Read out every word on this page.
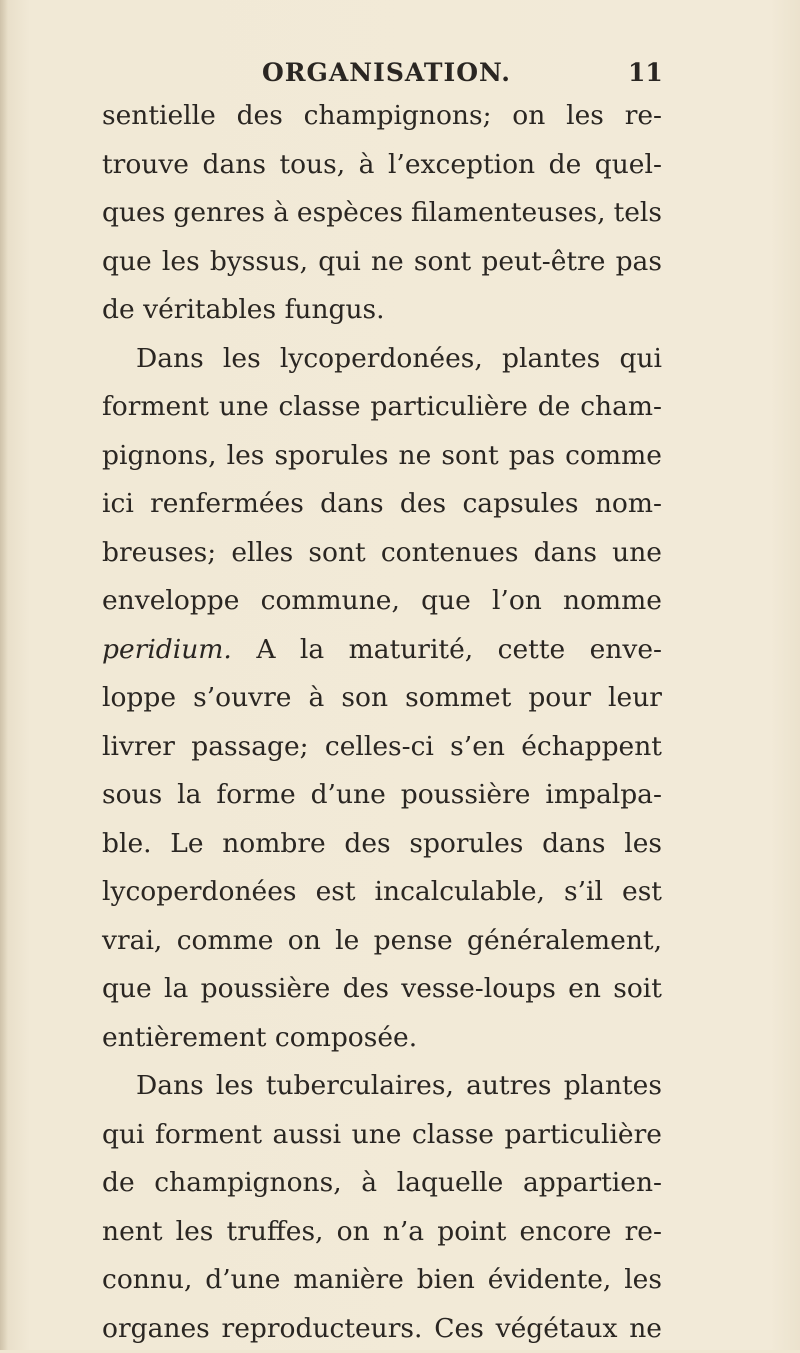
ORGANISATION.	11
sentielle des champignons; on les re-
trouve dans tous, à l’exception de quel-
ques genres à espèces filamenteuses, tels
que les byssus, qui ne sont peut-être pas
de véritables fungus.
Dans les lycoperdonées, plantes qui
forment une classe particulière de cham-
pignons, les sporules ne sont pas comme
ici renfermées dans des capsules nom-
breuses; elles sont contenues dans une
enveloppe commune, que l’on nomme
peridium. A la maturité, cette enve-
loppe s’ouvre à son sommet pour leur
livrer passage; celles-ci s’en échappent
sous la forme d’une poussière impalpa-
ble. Le nombre des sporules dans les
lycoperdonées est incalculable, s’il est
vrai, comme on le pense généralement,
que la poussière des vesse-loups en soit
entièrement composée.
Dans les tuberculaires, autres plantes
qui forment aussi une classe particulière
de champignons, à laquelle appartien-
nent les truffes, on n’a point encore re-
connu, d’une manière bien évidente, les
organes reproducteurs. Ces végétaux ne
